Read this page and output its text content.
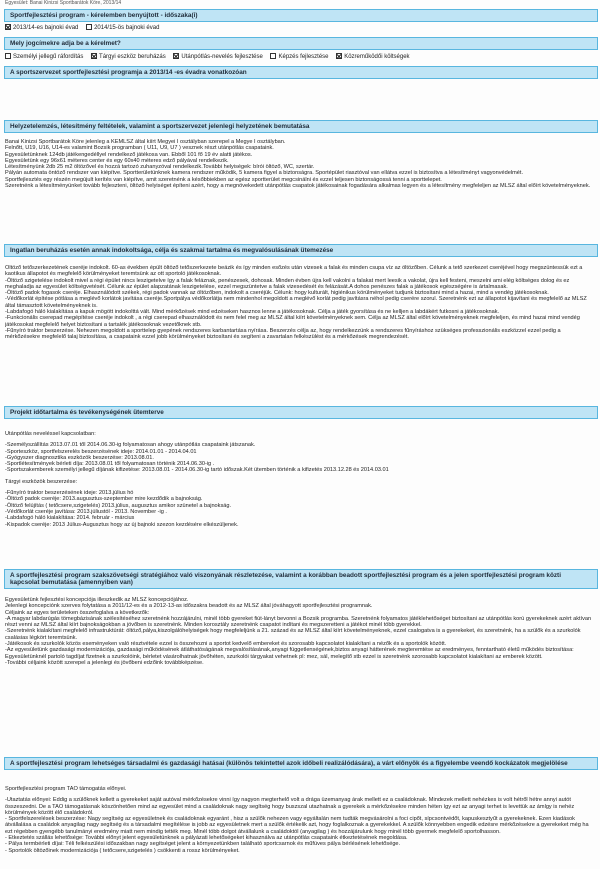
Egyesület: Banai Kinizsi Sportbarátok Köre, 2013/14
Sportfejlesztési program - kérelemben benyújtott - időszaka(i)
2013/14-es bajnoki évad	2014/15-ös bajnoki évad
Mely jogcímekre adja be a kérelmet?
Személyi jellegű ráfordítás	Tárgyi eszköz beruházás	Utánpótlás-nevelés fejlesztése	Képzés fejlesztése	Közreműködői költségek
A sportszervezet sportfejlesztési programja a 2013/14 -es évadra vonatkozóan
Helyzetelemzés, létesítmény feltételek, valamint a sportszervezet jelenlegi helyzetének bemutatása

Banai Kinizsi Sportbarátok Köre jelenleg a KEMLSZ által kiírt Megyei I osztályban szerepel a Megye I osztályban.

Felnőtt, U19, U16, U14-es valamint Bozsik programban ( U11, U9, U7 ) vesznek részt utánpótlás csapataink.

Egyesületünknek 124db játékengedéllyel rendelkező játékosa van. Ebből 101 fő 19 év alatti játékos.

Egyesületünk egy 96x61 méteres center és egy 60x40 méteres edző pályával rendelkezik.

Létesítményünk 2db 25 m2 öltözővel és hozzá tartozó zuhanyzóval rendelkezik.További helyiségek: bírói öltöző, WC, szertár.

Pályán automata öntöző rendszer van kiépítve. Sportterületünknek kamera rendszer működik, 5 kamera figyel a biztonságra. Sportépület riasztóval van ellátva ezzel is biztosítva a létesítményt vagyonvédelmét.

Sportfejlesztés egy részén megújult kerítés van kiépítve, amit szeretnénk a későbbiekben az egész sportterület megcsinálni és ezzel teljesen biztonságossá tenni a sporttelepet.

Szeretnénk a létesítményünket tovább fejleszteni, öltöző helyiséget építeni azért, hogy a megnövekedett utánpótlás csapatok játékosainak fogadására alkalmas legyen és a létesítmény megfeleljen az MLSZ által előírt követelményeknek.

Ingatlan beruházás esetén annak indokoltsága, célja és szakmai tartalma és megvalósulásának ütemezése

Öltöző tetőszerkezetének cseréje indokolt. 60-as években épült öltöző tetőszerkezete beázik és így minden esőzés után vizesek a falak és minden csupa víz az öltözőben. Célunk a tető szerkezet cseréjével hogy megszüntessük ezt a kaotikus állapotot és megfelelő körülményeket teremtsünk az ott sportoló játékosoknak.

-Öltöző szigetelése indokolt mivel a régi épület nincs leszigetelve így a falak feláznak, penészesek, dohosak. Minden évben újra kell vakolni a falakat mert leesik a vakolat, újra kell festeni, meszelni ami elég költséges dolog és ez meghaladja az egyesület költségvetését. Célunk az épület alapzatának leszigetelése, ezzel megszüntetve a falak vizesedését és felázását.A dohos penészes falak a játékosok egészségére is ártalmasak.

-Öltöző padok fogasok cseréje. Elhasználódott székek, régi padok vannak az öltözőben, indokolt a cseréjük. Célunk: hogy kulturált, higiénikus körülményeket tudjunk biztosítani mind a hazai, mind a vendég játékosoknak.

-Védőkorlát építése pótlása a meglévő korlátok javítása cseréje.Sportpálya védőkorlátja nem mindenhol megoldott a meglévő korlát pedig javításra néhol pedig cserére szorul. Szeretnénk ezt az állapotot kijavítani és megfelelő az MLSZ által támasztott követelményeknek is.

-Labdafogó háló kialakítása a kapuk mögött indokolttá vált. Mind mérkőzések mind edzéseken hasznos lenne a játékosoknak. Célja a játék gyorsítása és ne kelljen a labdákért futkosni a játékosoknak.

-Funkcionális cserepad megépítése cseréje indokolt , a régi cserepad elhasználódott és nem felel meg az MLSZ által kiírt követelményeknek sem. Célja az MLSZ által előírt követelményeknek megfeleljen, és mind hazai mind vendég játékosokat megfelelő helyet biztosítani a tartalék játékosoknak vezetőknek stb.

-Fűnyíró traktor beszerzése. Nehezen megoldott a sporttelep gyepének rendszeres karbantartása nyírása. Beszerzés célja az, hogy rendelkezzünk a rendszeres fűnyíráshoz szükséges professzionális eszközzel ezzel pedig a mérkőzésekre megfelelő talaj biztosítása, a csapataink ezzel jobb körülményeket biztosítani és segíteni a zavartalan felkészülést és a mérkőzések megrendezését.

Projekt időtartalma és tevékenységének ütemterve

Utánpótlás neveléssel kapcsolatban:

-Személyszállítás 2013.07.01 től 2014.06.30-ig folyamatosan ahogy utánpótlás csapataink játszanak.

-Sporteszköz, sportfelszerelés beszerzésének ideje: 2014.01.01 - 2014.04.01

-Gyógyszer diagnosztika eszközök beszerzése: 2013.08.01.

-Sportlétesítmények bérleti díja: 2013.08.01 től folyamatosan történik 2014.06.30-ig .

-Sportszakemberek személyi jellegű díjának kifizetése: 2013.08.01 - 2014.06.30-ig tartó időszak.Két ütemben történik a kifizetés 2013.12.28 és 2014.03.01

Tárgyi eszközök beszerzése:

-Fűnyíró traktor beszerzésének ideje: 2013.július hó

-Öltöző padok cseréje: 2013.augusztus-szeptember mire kezdődik a bajnokság.

-Öltöző felújítás ( tetőcsere,szigetelés) 2013.július, augusztus amikor szünetel a bajnokság.

-Védőkorlát cseréje javítása: 2013.júliustól - 2013. November -ig .

-Labdafogó háló kialakítása: 2014. február - március

-Kispadok cseréje: 2013 Július-Augusztus hogy az új bajnoki szezon kezdésére elkészüljenek.

A sportfejlesztési program szakszövetségi stratégiához való viszonyának részletezése, valamint a korábban beadott sportfejlesztési program és a jelen sportfejlesztési program közti kapcsolat bemutatása (amennyiben van)

Egyesületünk fejlesztési koncepciója illeszkedik az MLSZ koncepciójához.

Jelenlegi koncepciónk szerves folytatása a 2011/12-es és a 2012-13-as időszakra beadott és az MLSZ által jóváhagyott sportfejlesztési programnak.

Céljaink az egyes területeken összefoglalva a következők:

-A magyar labdarúgás tömegbázisának szélesítéséhez szeretnénk hozzájárulni, minél több gyereket fiút-lányt bevonni a Bozsik programba. Szeretnénk folyamatos játéklehetőséget biztosítani az utánpótlás korú gyerekeknek azért aktívan részt venni az MLSZ által kiírt bajnokságokban a jövőben is szeretnénk. Minden korosztály szeretnénk csapatot indítani és megszeretteni a játékot minél több gyerekkel.

-Szeretnénk kialakítani megfelelő infrastruktúrát: öltöző,pálya,kiszolgálóhelyiségek hogy megfeleljünk a 21. század és az MLSZ által kiírt követelményeknek, ezzel csalogatva is a gyerekeket, és szeretnénk, ha a szülők és a szurkolók csalásias légkört teremtsünk.

-Játékosok és szurkolók közös eseményeken való résztvétele ezzel is összehozni a sportot kedvelő embereket és szorosabb kapcsolatot kialakítani a nézők és a sportolók között.

-Az egyesületünk gazdasági modernizációja, gazdasági működésének átláthatóságának megvalósításának,anyagi függetlenségének,biztos anyagi hátterének megteremtése az eredményes, fenntartható életű működés biztosítása: Egyesületünknél partoló tagdíjat fizetnek a szurkolóink, bérletet vásárolhatnak jövőhéten, szurkolói tárgyakat vehetnek pl: mez, sál, melegítő stb ezzel is szeretnénk szorosabb kapcsolatot kialakítani az emberek között.

-További céljaink között szerepel a jelenlegi és jövőbeni edzőink továbbképzése.

A sportfejlesztési program lehetséges társadalmi és gazdasági hatásai (különös tekintettel azok időbeli realizálódására), a várt előnyök és a figyelembe veendő kockázatok megjelölése

Sportfejlesztési program TAO támogatás előnyei.

-Utaztatás előnyei: Eddig a szülőknek kellett a gyerekeket saját autóval mérkőzésekre vinni így nagyon megterhelő volt a drága üzemanyag árak mellett ez a családoknak. Mindezek mellett nehézkes is volt hétről hétre annyi autót összeszedni. De a TAO támogatásnak köszönhetően mind az egyesület mind a családoknak nagy segítség hogy buszszal utazhatnak a gyerekek a mérkőzésekre minden héten így ezt az anyagi terhet is levettük az ámlgy is nehéz körülmények között élő családokról.

- Sportfelszerelések beszerzése: Nagy segítség az egyesületnek és családoknak egyaránt , hisz a szülők nehezen vagy egyáltalán nem tudták megvásárolni a foci cipőt, sípcsontvédőt, kapuskesztyűt a gyerekeknek. Ezen kiadások átvállalása a családok anyagilag nagy segítség és a társadalmi megítélése is jobb az egyesületnek mert a szülők értékelik azt, hogy foglalkoznak a gyerekekkel. A szülők könnyebben engedik edzésre mérkőzésekre a gyerekeket még ha ezt régebben gyengébb tanulmányi eredmény miatt nem mindig tették meg. Minél több dolgot átvállalunk a családoktól (anyagilag ) és hozzájárulunk hogy minél több gyermek megfelelő sportolhasson.

- Etkeztetés szállás lehetősége: További előnyt jelent egyesületünknek a pályázati lehetőségeket kihasználva az utánpótlás csapataink étkeztetésének megoldása.

- Pálya termbérleti díjai: Téli felkészülési időszakban nagy segítséget jelent a környezetünkben található sportcsarnok és műfüves pálya bérlésének lehetősége.

- Sportolók öltözőinek modernizációja ( tetőcsere,szigetelés ) csökkenti a rossz körülményeket.
